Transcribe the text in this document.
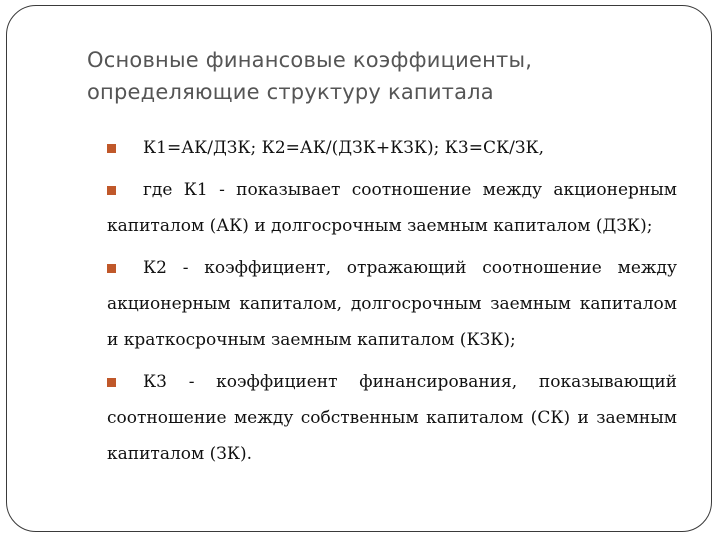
Основные финансовые коэффициенты,
определяющие структуру капитала
К1=АК/ДЗК; К2=АК/(ДЗК+КЗК); К3=СК/ЗК,
где К1 - показывает соотношение между акционерным капиталом (АК) и долгосрочным заемным капиталом (ДЗК);
К2 - коэффициент, отражающий соотношение между акционерным капиталом, долгосрочным заемным капиталом и краткосрочным заемным капиталом (КЗК);
К3 - коэффициент финансирования, показывающий соотношение между собственным капиталом (СК) и заемным капиталом (ЗК).
